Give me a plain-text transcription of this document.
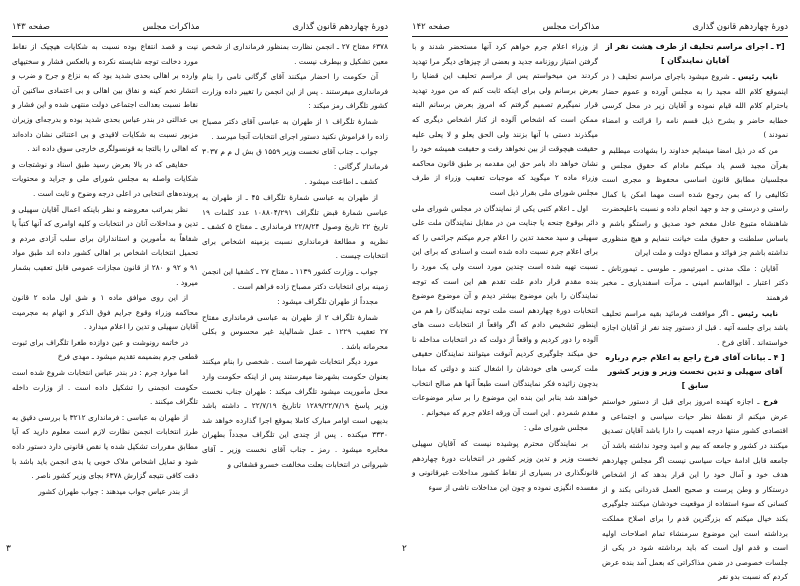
دورهٔ چهاردهم قانون گذاری
مذاکرات مجلس
صفحه ۱۴۳

۶۳۷۸ مفتاح ۲۷ ـ انجمن نظارت بمنظور فرمانداری از شخص معین تشکیل و بیطرف نیست .

آن حکومت را احضار میکنند آقای گرگانی نامی را بنام فرمانداری میفرستند . پس از این انجمن را تغییر داده وزارت کشور تلگراف رمز میکند :

شمارهٔ تلگراف ۱ از طهران به عباسی آقای دکتر مصباح زاده را فراموش نکنید دستور اجرای انتخابات آنجا میرسد .

جواب ـ جناب آقای نخست وزیر ۱۵۵۹ ق بش ل م م ۳۰۳۷ فرماندار گرگانی :

کشف ـ اطاعت میشود .

از طهران به عباسی شمارهٔ تلگراف ۴۵ ـ از طهران به عباسی شمارهٔ قبض تلگراف ۱۰۸۸۰۴/۲۹۱ عدد کلمات ۱۹ تاریخ ۲۲ تاریخ وصول ۲۲/۸/۲۴ فرمانداری ـ مفتاح ۵ کشف ـ نظریه و مطالعهٔ فرمانداری نسبت بزمینه اشخاص برای انتخابات چیست .

جواب ـ وزارت کشور ۱۱۳۹ ـ مفتاح ۲۷ ـ کشفیا این انجمن زمینه برای انتخابات دکتر مصباح زاده فراهم است .

مجدداً از طهران تلگراف میشود :

شمارهٔ تلگراف ۲ از طهران به عباسی فرمانداری مفتاح ۲۷ تعقیب ۱۲۲۹ ـ عمل شمالیاید غیر محسوس و بکلی محرمانه باشد .

مورد دیگر انتخابات شهرضا است . شخصی را بنام میکنند بعنوان حکومت بشهرضا میفرستند پس از اینکه حکومت وارد محل مأموریت میشود تلگراف میکند : طهران جناب نخست وزیر پاسخ ۱۲۸۹/۲۲/۷/۱۹ تاتاریخ ۲۲/۷/۱۹ ـ داشته باشد بدیهی است اوامر مبارک کاملا بموقع اجرا گذارده خواهد شد ۳۳۳۰ میکنده . پس از چندی این تلگراف مجدداً بطهران مخابره میشود . رمز ـ جناب آقای نخست وزیر ـ آقای شیروانی در انتخابات بعلت مخالفت خسرو قشقائی و

نیت و قصد انتفاع بوده نسبت به شکایات هیچیک از نقاط مورد دخالت توجه شایسته نکرده و بالعکس فشار و سختیهای وارده بر اهالی بحدی شدید بود که به نزاع و جرح و ضرب و انتشار تخم کینه و نفاق بین اهالی و بی اعتمادی ساکنین آن نقاط نسبت بعدالت اجتماعی دولت منتهی شده و این فشار و بی عدالتی در بندر عباس بحدی شدید بوده و بدرجه‌ای وزیران مزبور نسبت به شکایات لاقیدی و بی اعتنائی نشان داده‌اند که اهالی را بالتجا به قونسولگری خارجی سوق داده اند .

حقایقی که در بالا بعرض رسید طبق اسناد و نوشتجات و شکایات واصله به مجلس شورای ملی و جراید و محتویات پرونده‌های انتخابی در اعلی درجه وضوح و ثابت است .

نظر بمراتب معروضه و نظر باینکه اعمال آقایان سهیلی و تدین و مداخلات آنان در انتخابات و کلیه اوامری که آنها کتباً یا شفاهاً به مأمورین و استانداران برای سلب آزادی مردم و تحمیل انتخابات اشخاص بر اهالی کشور داده اند طبق مواد ۹۱ و ۹۲ و ۲۸۰ از قانون مجازات عمومی قابل تعقیب بشمار میرود .

از این روی موافق ماده ۱ و شق اول ماده ۲ قانون محاکمه وزراء وقوع جرایم فوق الذکر و اتهام به مجرمیت آقایان سهیلی و تدین را اعلام میدارد .

در خاتمه رونوشت و عین دوازده طغرا تلگراف برای ثبوت قطعی جرم بضمیمه تقدیم میشود ـ مهدی فرخ

اما موارد جرم : در بندر عباس انتخابات شروع شده است حکومت انجمنی را تشکیل داده است . از وزارت داخله تلگراف میکنند .

از طهران به عباسی : فرمانداری ۳۲۱۲ با بررسی دقیق به طرز انتخابات انجمن نظارت لازم است معلوم دارید که آیا مطابق مقررات تشکیل شده یا نقص قانونی دارد دستور داده شود و تمایل اشخاص ملاک خوبی یا بدی انجمن باید باشد با دقت کافی نتیجه گزارش ۶۳۷۸ بجای وزیر کشور ناصر .

از بندر عباس جواب میدهند : جواب طهران کشور

۳
دورهٔ چهاردهم قانون گذاری
مذاکرات مجلس
صفحه ۱۴۲
[۳ ـ اجرای مراسم تحلیف از طرف هشت نفر از آقایان نمایندگان ]

نایب رئیس ـ شروع میشود باجرای مراسم تحلیف ( در اینموقع کلام الله مجید را به مجلس آورده و عموم حضار باحترام کلام الله قیام نموده و آقایان زیر در محل کرسی خطابه حاضر و بشرح ذیل قسم نامه را قرائت و امضاء نمودند )

من که در ذیل امضا مینمایم خداوند را بشهادت میطلبم و بقرآن مجید قسم یاد میکنم مادام که حقوق مجلس و مجلسیان مطابق قانون اساسی محفوظ و مجری است تکالیفی را که بمن رجوع شده است مهما امکن با کمال راستی و درستی و جد و جهد انجام داده و نسبت باعلیحضرت شاهنشاه متبوع عادل مفخم خود صدیق و راستگو باشم و باساس سلطنت و حقوق ملت خیانت ننمایم و هیچ منظوری نداشته باشم جز فوائد و مصالح دولت و ملت ایران

آقایان : ملک مدنی ـ امیرتیمور ـ طوسی ـ تیمورتاش ـ دکتر اعتبار ـ ابوالقاسم امینی ـ مرآت اسفندیاری ـ مخبر فرهمند

نایب رئیس ـ اگر موافقت فرمائید بقیه مراسم تحلیف باشد برای جلسه آتیه . قبل از دستور چند نفر از آقایان اجازه خواسته‌اند . آقای فرخ .

[ ۴ ـ بیانات آقای فرخ راجع به اعلام جرم درباره آقای سهیلی و تدین نخست وزیر و وزیر کشور سابق ]

فرخ ـ اجازه کهنده امروز برای قبل از دستور خواستم عرض میکنم از نقطهٔ نظر حیات سیاسی و اجتماعی و اقتصادی کشور منتها درجه اهمیت را دارا باشد آقایان تصدیق میکنند در کشور و جامعه که بیم و امید وجود نداشته باشد آن جامعه قابل ادامهٔ حیات سیاسی نیست اگر مجلس چهاردهم هدف خود و آمال خود را این قرار بدهد که از اشخاص درستکار و وطن پرست و صحیح العمل قدردانی بکند و از کسانی که سوء استفاده از موقعیت خودشان میکنند جلوگیری بکند خیال میکنم که بزرگترین قدم را برای اصلاح مملکت برداشته است این موضوع سرمنشاء تمام اصلاحات اولیه است و قدم اول است که باید برداشته شود در یکی از جلسات خصوصی در ضمن مذاکراتی که بعمل آمد بنده عرض کردم که نسبت بدو نفر

از وزراء اعلام جرم خواهم کرد آنها مستحضر شدند و با گرفتن امتیاز روزنامه جدید و بعضی از چیزهای دیگر مرا تهدید کردند من میخواستم پس از مراسم تحلیف این قضایا را بعرض برسانم ولی برای اینکه ثابت کنم که من مورد تهدید قرار نمیگیرم تصمیم گرفتم که امروز بعرض برسانم البته ممکن است که اشخاص آلوده از کنار اشخاص دیگری که میگذرند دستی با آنها بزنند ولی الحق یعلو و لا یعلی علیه حقیقت هیچوقت از بین نخواهد رفت و حقیقت همیشه خود را نشان خواهد داد بامر حق این مقدمه بر طبق قانون محاکمه وزراء ماده ۲ میگوید که موجبات تعقیب وزراء از طرف مجلس شورای ملی بقرار ذیل است

اول ـ اعلام کتبی یکی از نمایندگان در مجلس شورای ملی دائر بوقوع جنحه یا جنایت من در مقابل نمایندگان ملت علی سهیلی و سید محمد تدین را اعلام جرم میکنم جرائمی را که برای اعلام جرم نسبت داده شده است و اسنادی که برای این نسبت تهیه شده است چندین مورد است ولی یک مورد را بنده مقدم قرار دادم علت تقدم هم این است که توجه نمایندگان را باین موضوع بیشتر دیدم و آن موضوع موضوع انتخابات دورهٔ چهاردهم است ملت توجه نمایندگان را هم من اینطور تشخیص دادم که اگر واقعاً از انتخابات دست های آلوده را دور کردیم و واقعاً از دولت که در انتخابات مداخله نا حق میکند جلوگیری کردیم آنوقت میتوانند نمایندگان حقیقی ملت کرسی های خودشان را اشغال کنند و دولتی که مبادا بدچون زائیده فکر نمایندگان است طبعاً آنها هم صالح انتخاب خواهند شد بنابر این بنده این موضوع را بر سایر موضوعات مقدم شمردم . این است آن ورقه اعلام جرم که میخوانم .

مجلس شورای ملی :

بر نمایندگان محترم پوشیده نیست که آقایان سهیلی نخست وزیر و تدین وزیر کشور در انتخابات دورهٔ چهاردهم قانونگذاری در بسیاری از نقاط کشور مداخلات غیرقانونی و مفسده انگیزی نموده و چون این مداخلات ناشی از سوء

۲
